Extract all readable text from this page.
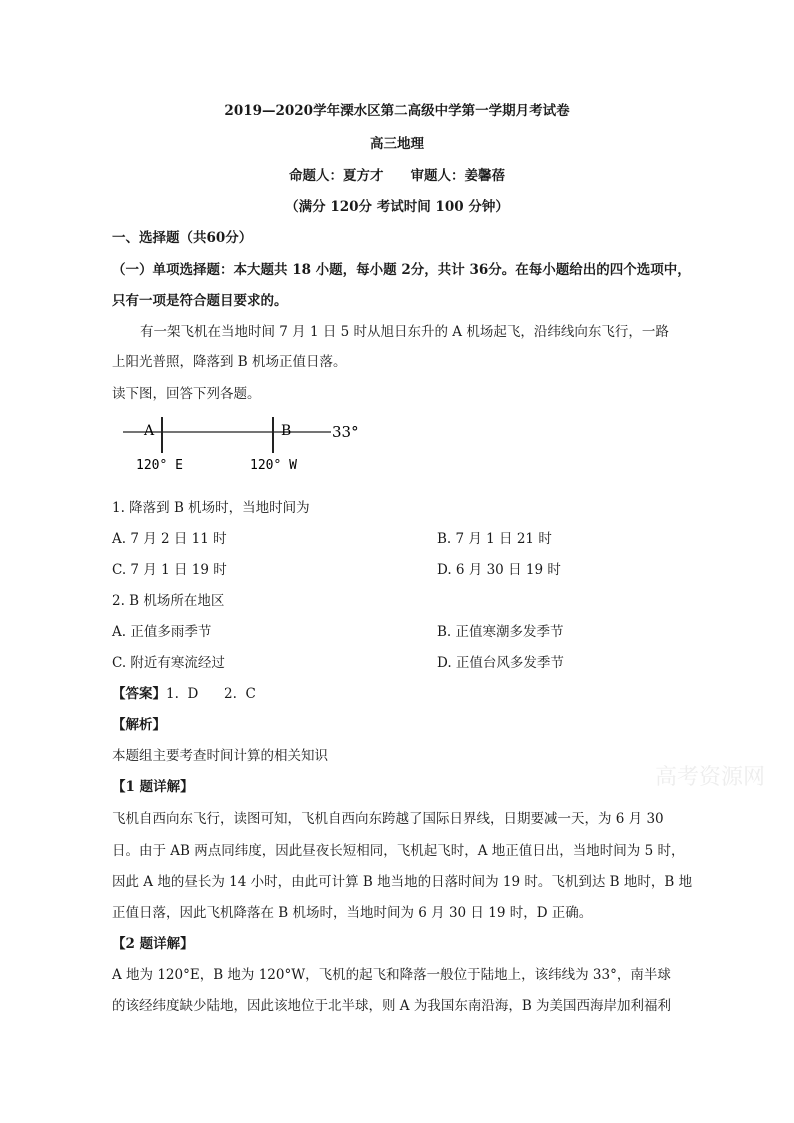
2019—2020学年溧水区第二高级中学第一学期月考试卷
高三地理
命题人：夏方才　　审题人：姜馨蓓
（满分 120分 考试时间 100 分钟）
一、选择题（共60分）
（一）单项选择题：本大题共 18 小题，每小题 2分，共计 36分。在每小题给出的四个选项中，
只有一项是符合题目要求的。
有一架飞机在当地时间 7 月 1 日 5 时从旭日东升的 A 机场起飞，沿纬线向东飞行，一路
上阳光普照，降落到 B 机场正值日落。
读下图，回答下列各题。
A	B	33°
120° E	120° W
1. 降落到 B 机场时，当地时间为
A. 7 月 2 日 11 时	B. 7 月 1 日 21 时
C. 7 月 1 日 19 时	D. 6 月 30 日 19 时
2. B 机场所在地区
A. 正值多雨季节	B. 正值寒潮多发季节
C. 附近有寒流经过	D. 正值台风多发季节
【答案】1.  D      2.  C
【解析】
本题组主要考查时间计算的相关知识
【1 题详解】
飞机自西向东飞行，读图可知，飞机自西向东跨越了国际日界线，日期要减一天，为 6 月 30
日。由于 AB 两点同纬度，因此昼夜长短相同，飞机起飞时，A 地正值日出，当地时间为 5 时，
因此 A 地的昼长为 14 小时，由此可计算 B 地当地的日落时间为 19 时。飞机到达 B 地时，B 地
正值日落，因此飞机降落在 B 机场时，当地时间为 6 月 30 日 19 时，D 正确。
【2 题详解】
A 地为 120°E，B 地为 120°W，飞机的起飞和降落一般位于陆地上，该纬线为 33°，南半球
的该经纬度缺少陆地，因此该地位于北半球，则 A 为我国东南沿海，B 为美国西海岸加利福利
高考资源网
